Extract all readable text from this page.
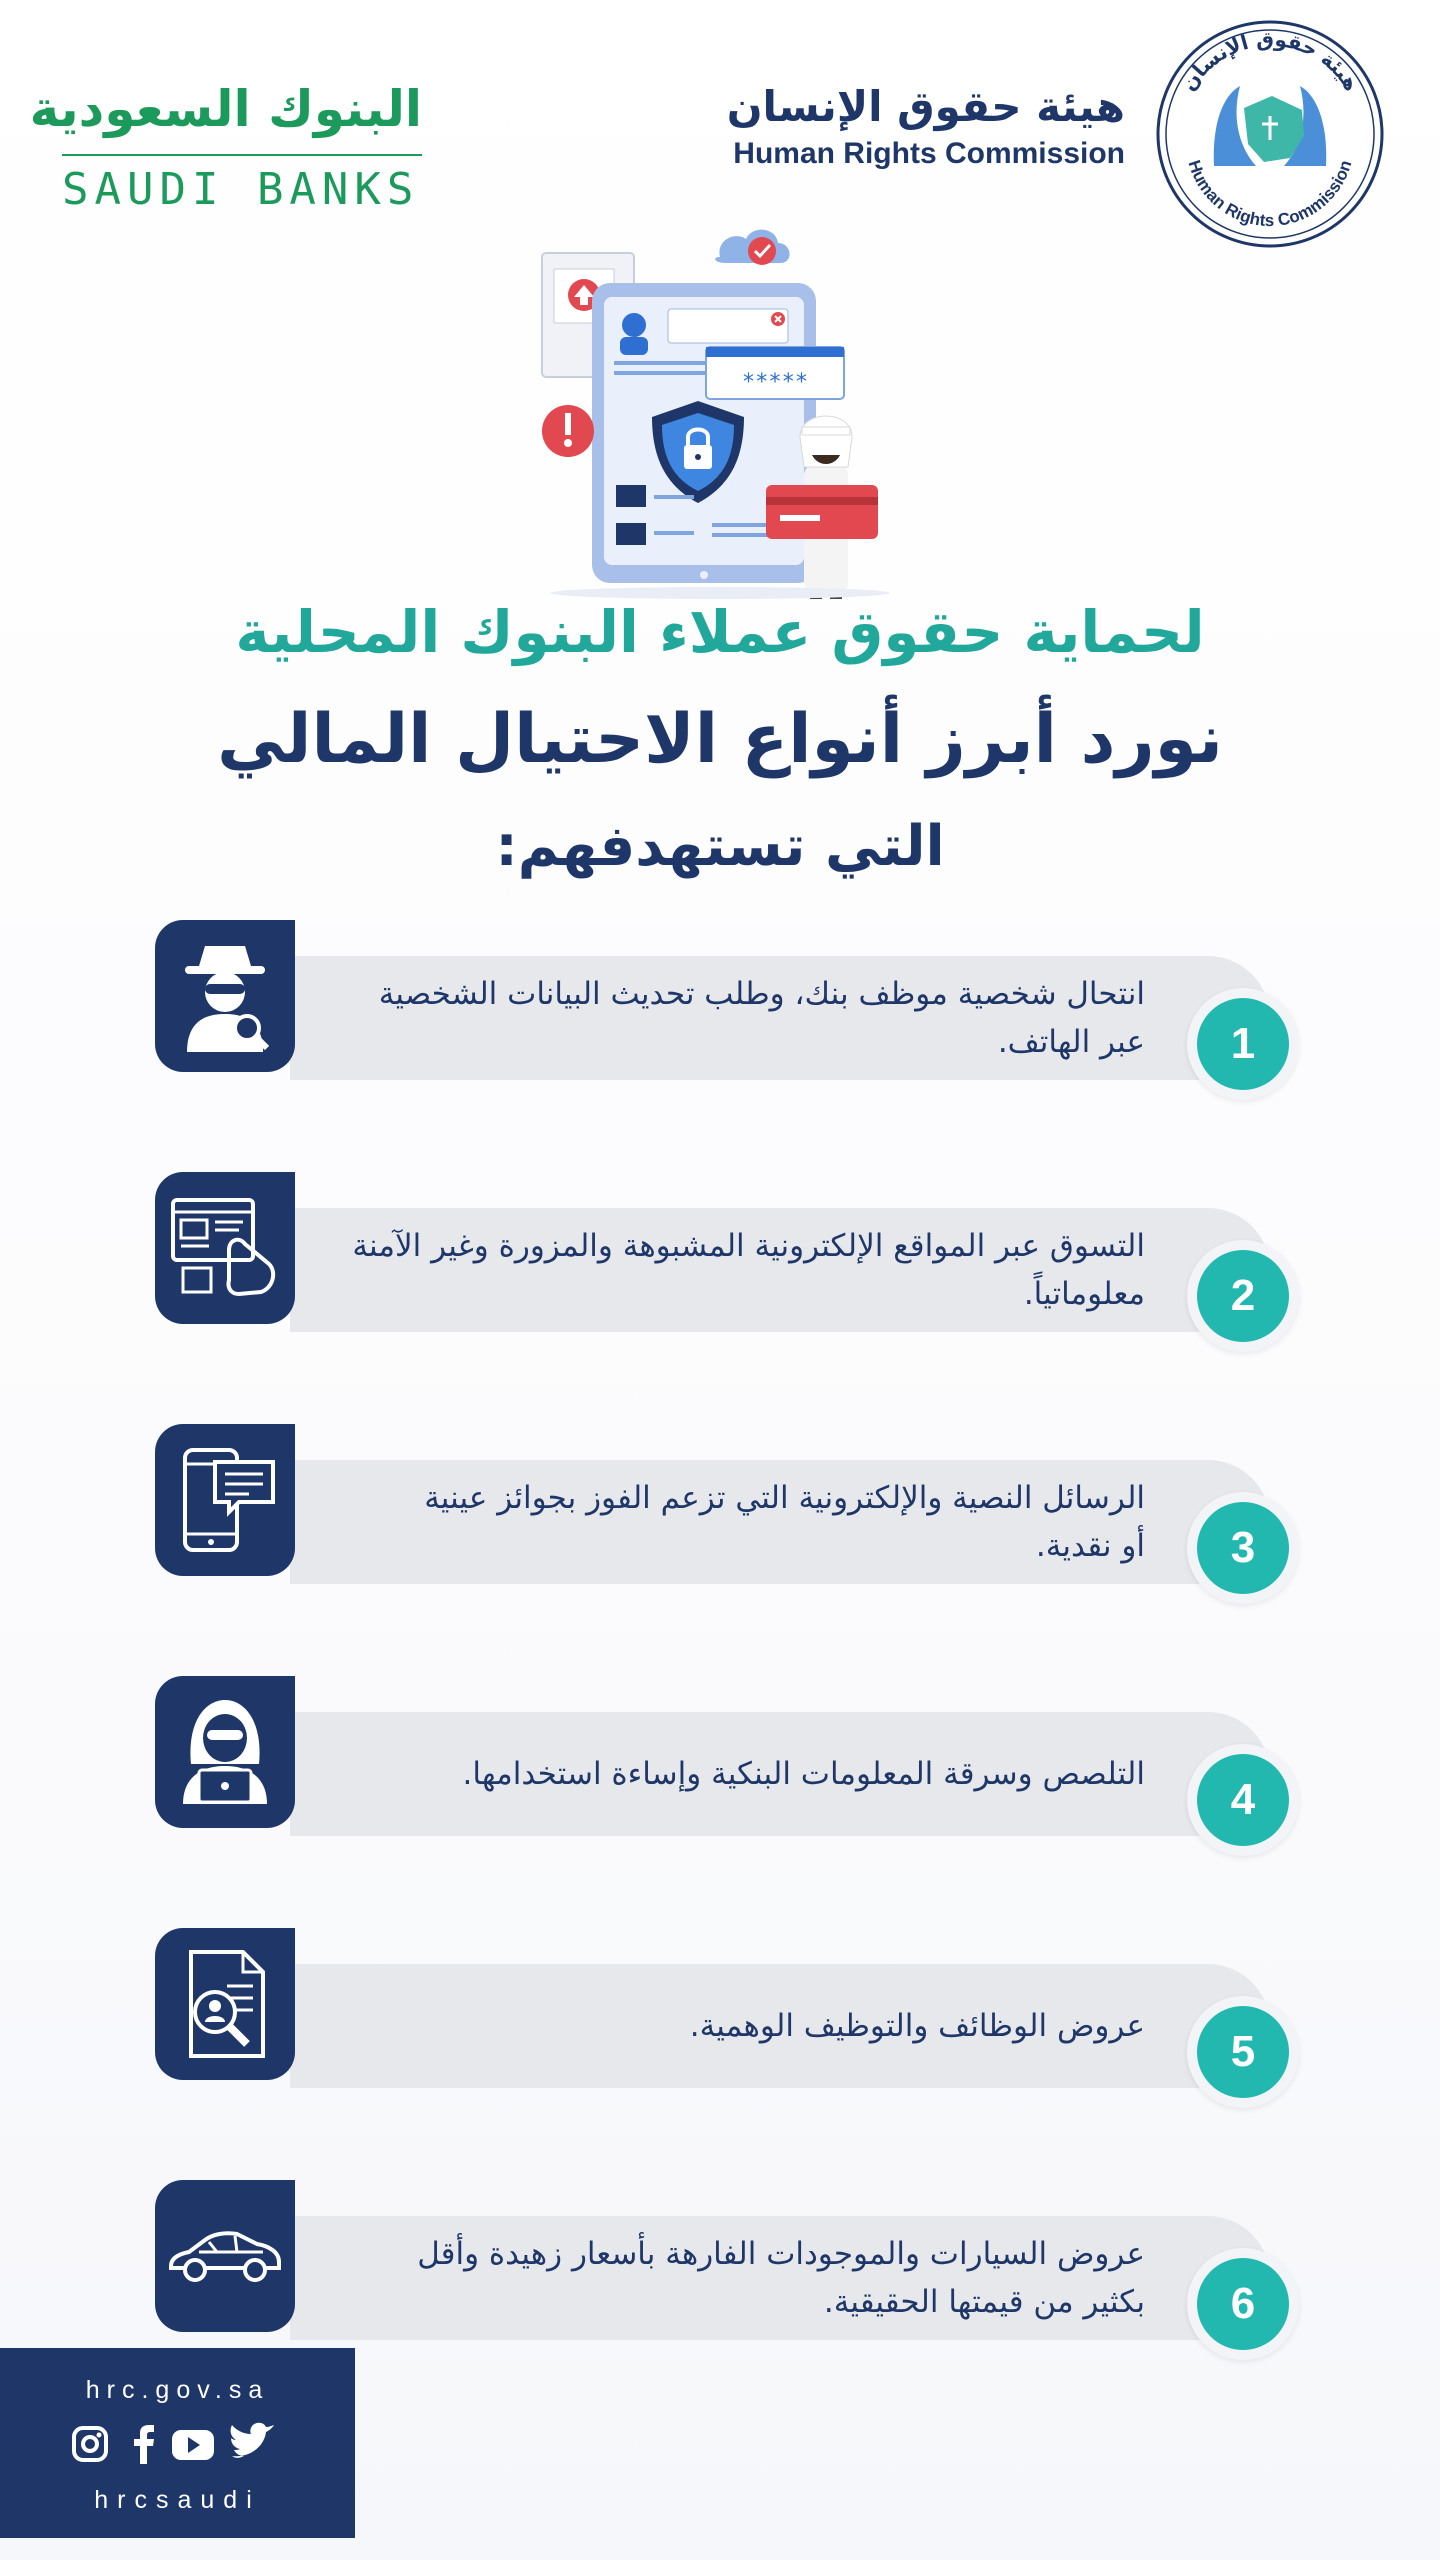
البنوك السعودية
SAUDI BANKS
هيئة حقوق الإنسان
Human Rights Commission
هيئة حقوق الإنسان
Human Rights Commission
*****
لحماية حقوق عملاء البنوك المحلية
نورد أبرز أنواع الاحتيال المالي
التي تستهدفهم:
انتحال شخصية موظف بنك، وطلب تحديث البيانات الشخصية
عبر الهاتف.	1
التسوق عبر المواقع الإلكترونية المشبوهة والمزورة وغير الآمنة
معلوماتياً.	2
الرسائل النصية والإلكترونية التي تزعم الفوز بجوائز عينية
أو نقدية.	3
التلصص وسرقة المعلومات البنكية وإساءة استخدامها.
4
عروض الوظائف والتوظيف الوهمية.
5
عروض السيارات والموجودات الفارهة بأسعار زهيدة وأقل
بكثير من قيمتها الحقيقية.	6
hrc.gov.sa
hrcsaudi
